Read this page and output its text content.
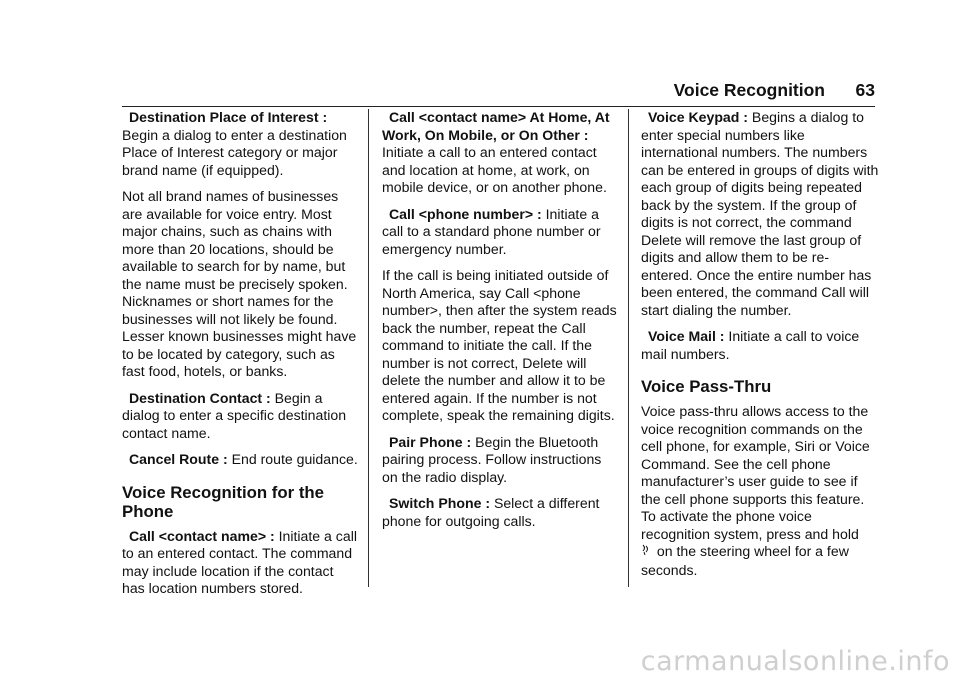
Voice Recognition 63

Destination Place of Interest :
Begin a dialog to enter a destination Place of Interest category or major brand name (if equipped).

Not all brand names of businesses are available for voice entry. Most major chains, such as chains with more than 20 locations, should be available to search for by name, but the name must be precisely spoken. Nicknames or short names for the businesses will not likely be found. Lesser known businesses might have to be located by category, such as fast food, hotels, or banks.

Destination Contact : Begin a dialog to enter a specific destination contact name.

Cancel Route : End route guidance.

Voice Recognition for the Phone

Call <contact name> : Initiate a call to an entered contact. The command may include location if the contact has location numbers stored.

Call <contact name> At Home, At Work, On Mobile, or On Other : Initiate a call to an entered contact and location at home, at work, on mobile device, or on another phone.

Call <phone number> : Initiate a call to a standard phone number or emergency number.

If the call is being initiated outside of North America, say Call <phone number>, then after the system reads back the number, repeat the Call command to initiate the call. If the number is not correct, Delete will delete the number and allow it to be entered again. If the number is not complete, speak the remaining digits.

Pair Phone : Begin the Bluetooth pairing process. Follow instructions on the radio display.

Switch Phone : Select a different phone for outgoing calls.

Voice Keypad : Begins a dialog to enter special numbers like international numbers. The numbers can be entered in groups of digits with each group of digits being repeated back by the system. If the group of digits is not correct, the command Delete will remove the last group of digits and allow them to be re-entered. Once the entire number has been entered, the command Call will start dialing the number.

Voice Mail : Initiate a call to voice mail numbers.

Voice Pass-Thru

Voice pass-thru allows access to the voice recognition commands on the cell phone, for example, Siri or Voice Command. See the cell phone manufacturer’s user guide to see if the cell phone supports this feature. To activate the phone voice recognition system, press and hold
on the steering wheel for a few seconds.

carmanualsonline.info
